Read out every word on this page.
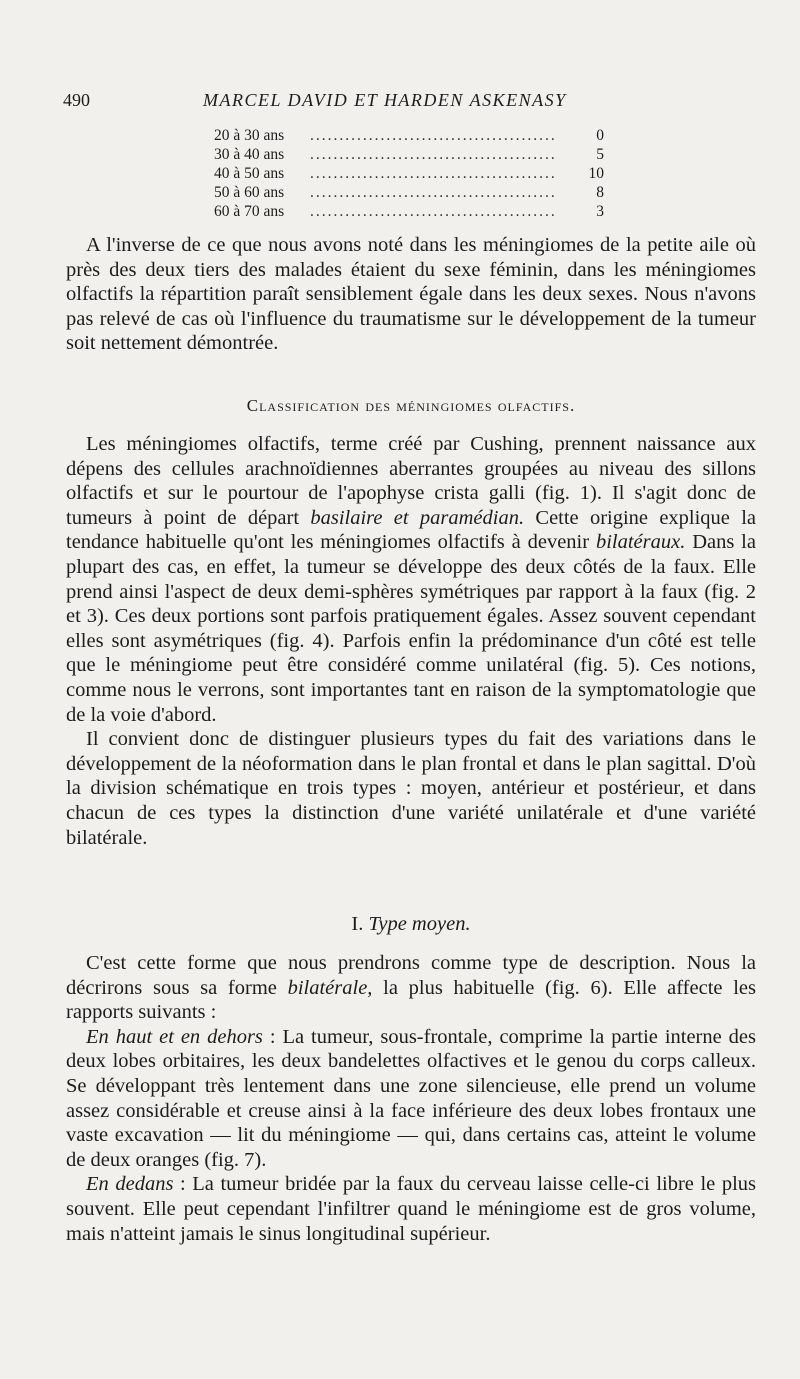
490	MARCEL DAVID ET HARDEN ASKENASY
20 à 30 ans	..........................................	0
30 à 40 ans	..........................................	5
40 à 50 ans	..........................................	10
50 à 60 ans	..........................................	8
60 à 70 ans	..........................................	3

A l'inverse de ce que nous avons noté dans les méningiomes de la petite aile où près des deux tiers des malades étaient du sexe féminin, dans les méningiomes olfactifs la répartition paraît sensiblement égale dans les deux sexes. Nous n'avons pas relevé de cas où l'influence du traumatisme sur le développement de la tumeur soit nettement démontrée.

Classification des méningiomes olfactifs.

Les méningiomes olfactifs, terme créé par Cushing, prennent naissance aux dépens des cellules arachnoïdiennes aberrantes groupées au niveau des sillons olfactifs et sur le pourtour de l'apophyse crista galli (fig. 1). Il s'agit donc de tumeurs à point de départ basilaire et paramédian. Cette origine explique la tendance habituelle qu'ont les méningiomes olfactifs à devenir bilatéraux. Dans la plupart des cas, en effet, la tumeur se développe des deux côtés de la faux. Elle prend ainsi l'aspect de deux demi-sphères symétriques par rapport à la faux (fig. 2 et 3). Ces deux portions sont parfois pratiquement égales. Assez souvent cependant elles sont asymétriques (fig. 4). Parfois enfin la prédominance d'un côté est telle que le méningiome peut être considéré comme unilatéral (fig. 5). Ces notions, comme nous le verrons, sont importantes tant en raison de la symptomatologie que de la voie d'abord.

Il convient donc de distinguer plusieurs types du fait des variations dans le développement de la néoformation dans le plan frontal et dans le plan sagittal. D'où la division schématique en trois types : moyen, antérieur et postérieur, et dans chacun de ces types la distinction d'une variété unilatérale et d'une variété bilatérale.

I. Type moyen.

C'est cette forme que nous prendrons comme type de description. Nous la décrirons sous sa forme bilatérale, la plus habituelle (fig. 6). Elle affecte les rapports suivants :

En haut et en dehors : La tumeur, sous-frontale, comprime la partie interne des deux lobes orbitaires, les deux bandelettes olfactives et le genou du corps calleux. Se développant très lentement dans une zone silencieuse, elle prend un volume assez considérable et creuse ainsi à la face inférieure des deux lobes frontaux une vaste excavation — lit du méningiome — qui, dans certains cas, atteint le volume de deux oranges (fig. 7).

En dedans : La tumeur bridée par la faux du cerveau laisse celle-ci libre le plus souvent. Elle peut cependant l'infiltrer quand le méningiome est de gros volume, mais n'atteint jamais le sinus longitudinal supérieur.
